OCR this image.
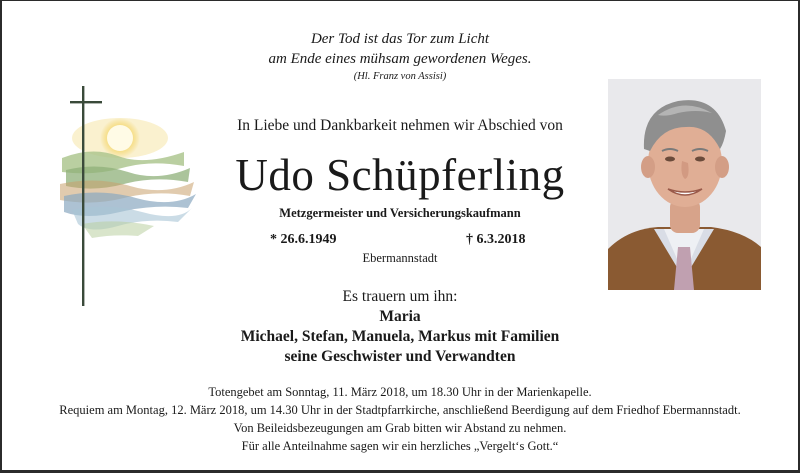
Der Tod ist das Tor zum Licht

am Ende eines mühsam gewordenen Weges.

(Hl. Franz von Assisi)

In Liebe und Dankbarkeit nehmen wir Abschied von

Udo Schüpferling

Metzgermeister und Versicherungskaufmann

* 26.6.1949	† 6.3.2018

Ebermannstadt

Es trauern um ihn:

Maria

Michael, Stefan, Manuela, Markus mit Familien

seine Geschwister und Verwandten

Totengebet am Sonntag, 11. März 2018, um 18.30 Uhr in der Marienkapelle.

Requiem am Montag, 12. März 2018, um 14.30 Uhr in der Stadtpfarrkirche, anschließend Beerdigung auf dem Friedhof Ebermannstadt.

Von Beileidsbezeugungen am Grab bitten wir Abstand zu nehmen.

Für alle Anteilnahme sagen wir ein herzliches „Vergelt‘s Gott.“
